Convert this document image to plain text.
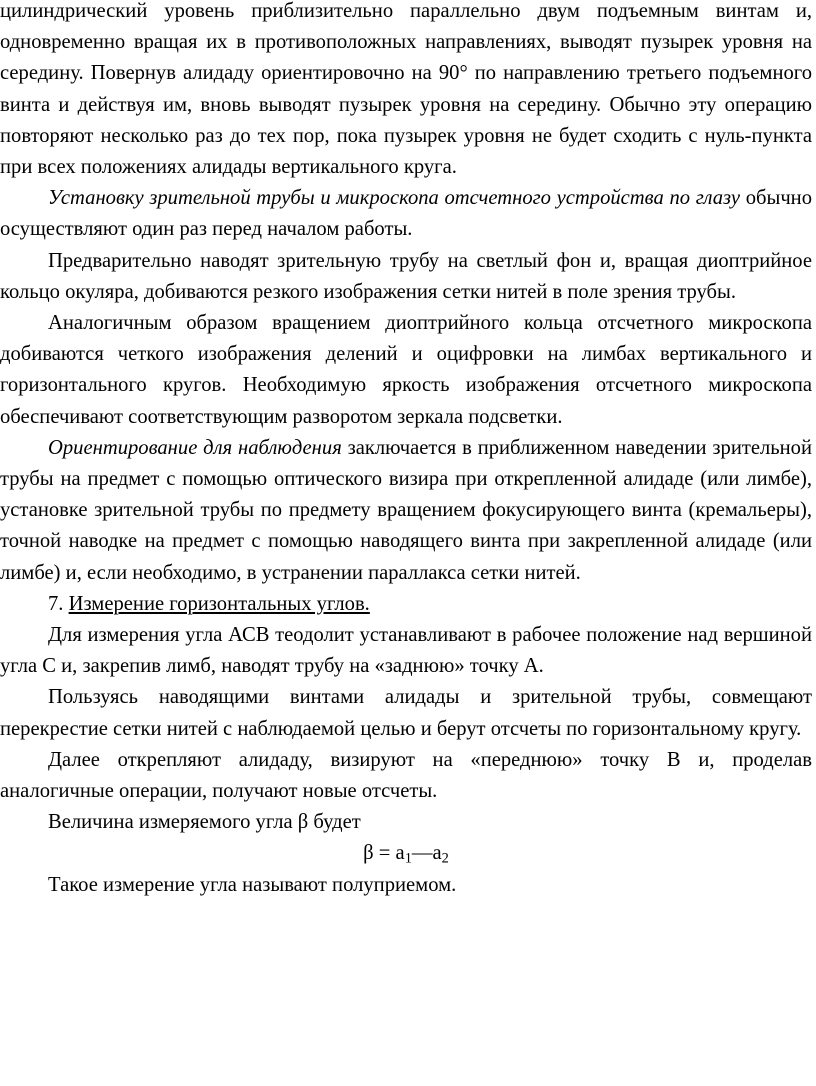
цилиндрический уровень приблизительно параллельно двум подъемным винтам и, одновременно вращая их в противоположных направлениях, выводят пузырек уровня на середину. Повернув алидаду ориентировочно на 90° по направлению третьего подъемного винта и действуя им, вновь выводят пузырек уровня на середину. Обычно эту операцию повторяют несколько раз до тех пор, пока пузырек уровня не будет сходить с нуль-пункта при всех положениях алидады вертикального круга.

Установку зрительной трубы и микроскопа отсчетного устройства по глазу обычно осуществляют один раз перед началом работы.

Предварительно наводят зрительную трубу на светлый фон и, вращая диоптрийное кольцо окуляра, добиваются резкого изображения сетки нитей в поле зрения трубы.

Аналогичным образом вращением диоптрийного кольца отсчетного микроскопа добиваются четкого изображения делений и оцифровки на лимбах вертикального и горизонтального кругов. Необходимую яркость изображения отсчетного микроскопа обеспечивают соответствующим разворотом зеркала подсветки.

Ориентирование для наблюдения заключается в приближенном наведении зрительной трубы на предмет с помощью оптического визира при открепленной алидаде (или лимбе), установке зрительной трубы по предмету вращением фокусирующего винта (кремальеры), точной наводке на предмет с помощью наводящего винта при закрепленной алидаде (или лимбе) и, если необходимо, в устранении параллакса сетки нитей.

7. Измерение горизонтальных углов.

Для измерения угла АСВ теодолит устанавливают в рабочее положение над вершиной угла С и, закрепив лимб, наводят трубу на «заднюю» точку А.

Пользуясь наводящими винтами алидады и зрительной трубы, совмещают перекрестие сетки нитей с наблюдаемой целью и берут отсчеты по горизонтальному кругу.

Далее открепляют алидаду, визируют на «переднюю» точку В и, проделав аналогичные операции, получают новые отсчеты.

Величина измеряемого угла β будет

$\beta = a_1—a_2$

Такое измерение угла называют полуприемом.
